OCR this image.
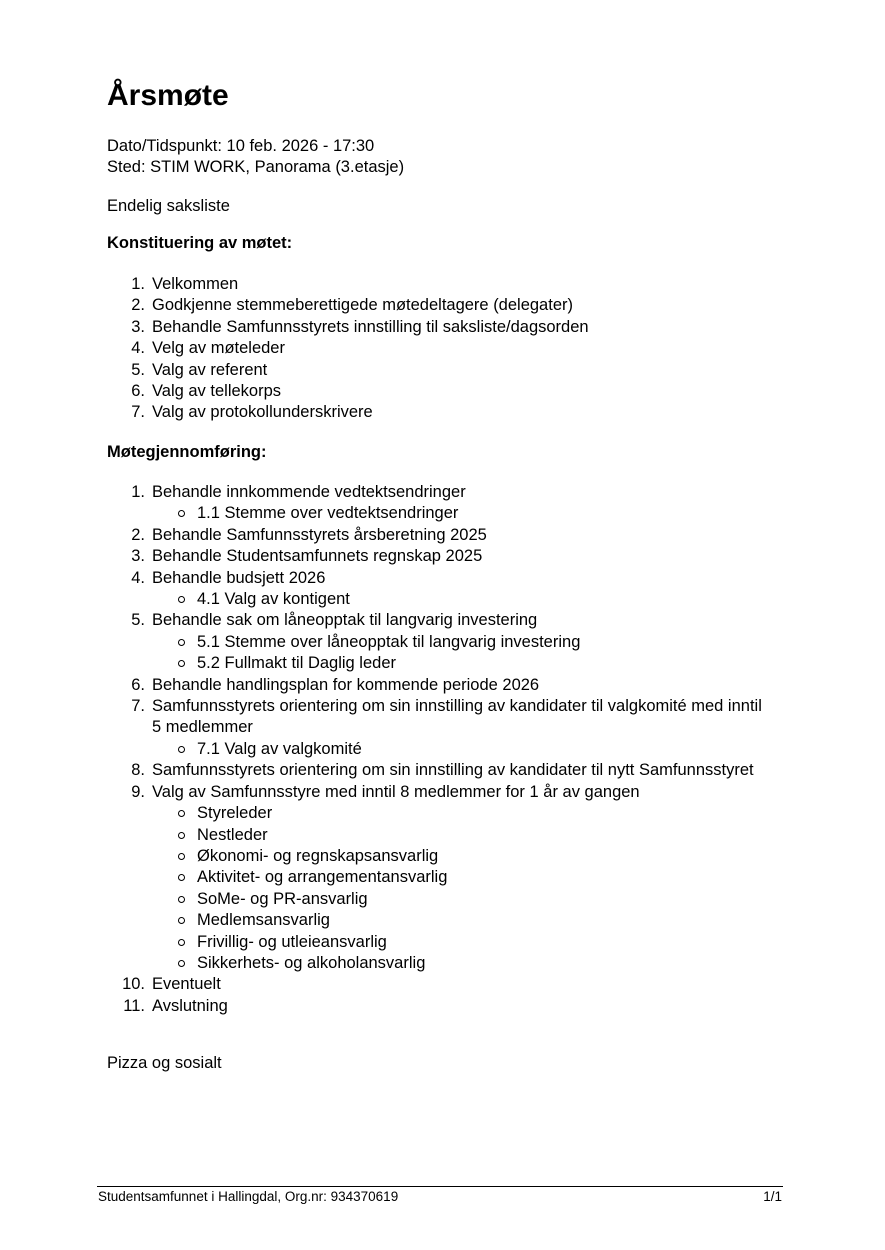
Årsmøte
Dato/Tidspunkt: 10 feb. 2026 - 17:30
Sted: STIM WORK, Panorama (3.etasje)
Endelig saksliste
Konstituering av møtet:
1. Velkommen
2. Godkjenne stemmeberettigede møtedeltagere (delegater)
3. Behandle Samfunnsstyrets innstilling til saksliste/dagsorden
4. Velg av møteleder
5. Valg av referent
6. Valg av tellekorps
7. Valg av protokollunderskrivere
Møtegjennomføring:
1. Behandle innkommende vedtektsendringer
1.1 Stemme over vedtektsendringer
2. Behandle Samfunnsstyrets årsberetning 2025
3. Behandle Studentsamfunnets regnskap 2025
4. Behandle budsjett 2026
4.1 Valg av kontigent
5. Behandle sak om låneopptak til langvarig investering
5.1 Stemme over låneopptak til langvarig investering
5.2 Fullmakt til Daglig leder
6. Behandle handlingsplan for kommende periode 2026
7. Samfunnsstyrets orientering om sin innstilling av kandidater til valgkomité med inntil 5 medlemmer
7.1 Valg av valgkomité
8. Samfunnsstyrets orientering om sin innstilling av kandidater til nytt Samfunnsstyret
9. Valg av Samfunnsstyre med inntil 8 medlemmer for 1 år av gangen
Styreleder
Nestleder
Økonomi- og regnskapsansvarlig
Aktivitet- og arrangementansvarlig
SoMe- og PR-ansvarlig
Medlemsansvarlig
Frivillig- og utleieansvarlig
Sikkerhets- og alkoholansvarlig
10. Eventuelt
11. Avslutning
Pizza og sosialt
Studentsamfunnet i Hallingdal, Org.nr: 934370619	1/1
